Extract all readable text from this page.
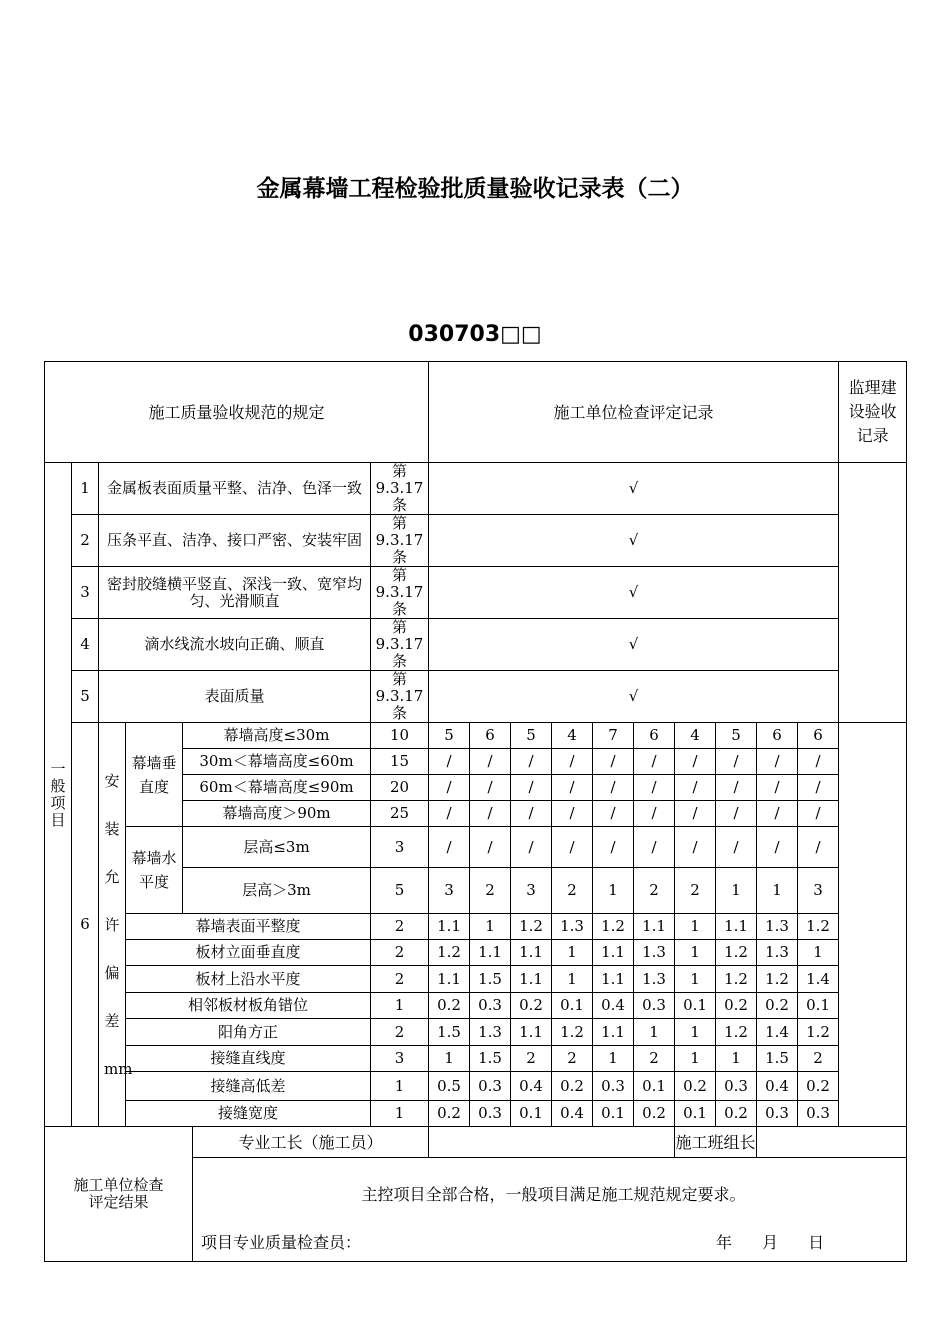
金属幕墙工程检验批质量验收记录表（二）
030703□□
施工质量验收规范的规定							施工单位检查评定记录										监理建设验收记录
一般项目	1	金属板表面质量平整、洁净、色泽一致				第9.3.17条	√										
	2	压条平直、洁净、接口严密、安装牢固				第9.3.17条	√										
	3	密封胶缝横平竖直、深浅一致、宽窄均匀、光滑顺直				第9.3.17条	√										
	4	滴水线流水坡向正确、顺直				第9.3.17条	√										
	5	表面质量				第9.3.17条	√										
	6	安装允许偏差mm	幕墙垂直度	幕墙高度≤30m		10	5	6	5	4	7	6	4	5	6	6	
				30m＜幕墙高度≤60m		15	/	/	/	/	/	/	/	/	/	/	
				60m＜幕墙高度≤90m		20	/	/	/	/	/	/	/	/	/	/	
				幕墙高度＞90m		25	/	/	/	/	/	/	/	/	/	/	
			幕墙水平度	层高≤3m		3	/	/	/	/	/	/	/	/	/	/	
				层高＞3m		5	3	2	3	2	1	2	2	1	1	3	
			幕墙表面平整度			2	1.1	1	1.2	1.3	1.2	1.1	1	1.1	1.3	1.2	
			板材立面垂直度			2	1.2	1.1	1.1	1	1.1	1.3	1	1.2	1.3	1	
			板材上沿水平度			2	1.1	1.5	1.1	1	1.1	1.3	1	1.2	1.2	1.4	
			相邻板材板角错位			1	0.2	0.3	0.2	0.1	0.4	0.3	0.1	0.2	0.2	0.1	
			阳角方正			2	1.5	1.3	1.1	1.2	1.1	1	1	1.2	1.4	1.2	
			接缝直线度			3	1	1.5	2	2	1	2	1	1	1.5	2	
			接缝高低差			1	0.5	0.3	0.4	0.2	0.3	0.1	0.2	0.3	0.4	0.2	
			接缝宽度			1	0.2	0.3	0.1	0.4	0.1	0.2	0.1	0.2	0.3	0.3	
施工单位检查评定结果					专业工长（施工员）								施工班组长				

					主控项目全部合格，一般项目满足施工规范规定要求。
项目专业质量检查员： 年 月 日												
